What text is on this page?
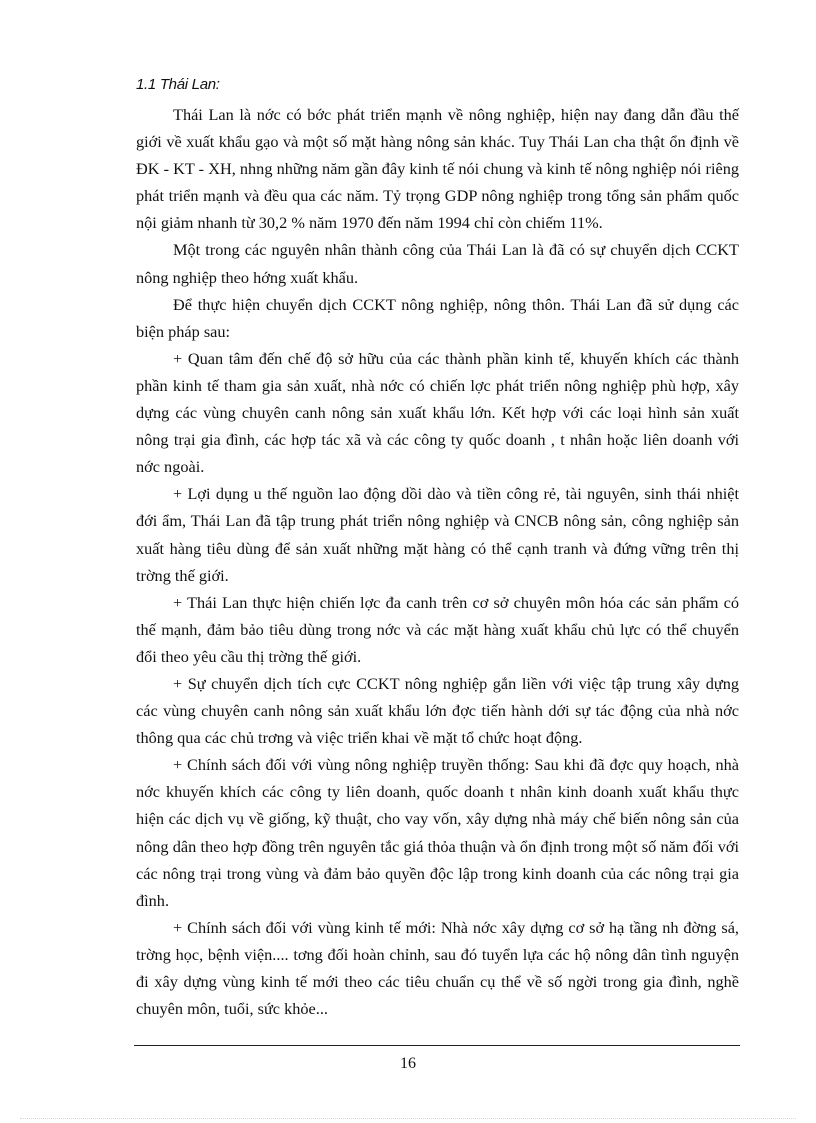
1.1 Thái Lan:

Thái Lan là nớc có bớc phát triển mạnh về nông nghiệp, hiện nay đang dẫn đầu thế giới về xuất khẩu gạo và một số mặt hàng nông sản khác. Tuy Thái Lan cha thật ổn định về ĐK - KT - XH, nhng những năm gần đây kinh tế nói chung và kinh tế nông nghiệp nói riêng phát triển mạnh và đều qua các năm. Tỷ trọng GDP nông nghiệp trong tổng sản phẩm quốc nội giảm nhanh từ 30,2 % năm 1970 đến năm 1994 chỉ còn chiếm 11%.

Một trong các nguyên nhân thành công của Thái Lan là đã có sự chuyển dịch CCKT nông nghiệp theo hớng xuất khẩu.

Để thực hiện chuyển dịch CCKT nông nghiệp, nông thôn. Thái Lan đã sử dụng các biện pháp sau:

+ Quan tâm đến chế độ sở hữu của các thành phần kinh tế, khuyến khích các thành phần kinh tế tham gia sản xuất, nhà nớc có chiến lợc phát triển nông nghiệp phù hợp, xây dựng các vùng chuyên canh nông sản xuất khẩu lớn. Kết hợp với các loại hình sản xuất nông trại gia đình, các hợp tác xã và các công ty quốc doanh , t nhân hoặc liên doanh với nớc ngoài.

+ Lợi dụng u thế nguồn lao động dồi dào và tiền công rẻ, tài nguyên, sinh thái nhiệt đới ẩm, Thái Lan đã tập trung phát triển nông nghiệp và CNCB nông sản, công nghiệp sản xuất hàng tiêu dùng để sản xuất những mặt hàng có thể cạnh tranh và đứng vững trên thị trờng thế giới.

+ Thái Lan thực hiện chiến lợc đa canh trên cơ sở chuyên môn hóa các sản phẩm có thế mạnh, đảm bảo tiêu dùng trong nớc và các mặt hàng xuất khẩu chủ lực có thể chuyển đổi theo yêu cầu thị trờng thế giới.

+ Sự chuyển dịch tích cực CCKT nông nghiệp gắn liền với việc tập trung xây dựng các vùng chuyên canh nông sản xuất khẩu lớn đợc tiến hành dới sự tác động của nhà nớc thông qua các chủ trơng và việc triển khai về mặt tổ chức hoạt động.

+ Chính sách đối với vùng nông nghiệp truyền thống: Sau khi đã đợc quy hoạch, nhà nớc khuyến khích các công ty liên doanh, quốc doanh t nhân kinh doanh xuất khẩu thực hiện các dịch vụ về giống, kỹ thuật, cho vay vốn, xây dựng nhà máy chế biến nông sản của nông dân theo hợp đồng trên nguyên tắc giá thỏa thuận và ổn định trong một số năm đối với các nông trại trong vùng và đảm bảo quyền độc lập trong kinh doanh của các nông trại gia đình.

+ Chính sách đối với vùng kinh tế mới: Nhà nớc xây dựng cơ sở hạ tầng nh đờng sá, trờng học, bệnh viện.... tơng đối hoàn chỉnh, sau đó tuyển lựa các hộ nông dân tình nguyện đi xây dựng vùng kinh tế mới theo các tiêu chuẩn cụ thể về số ngời trong gia đình, nghề chuyên môn, tuổi, sức khỏe...

16
